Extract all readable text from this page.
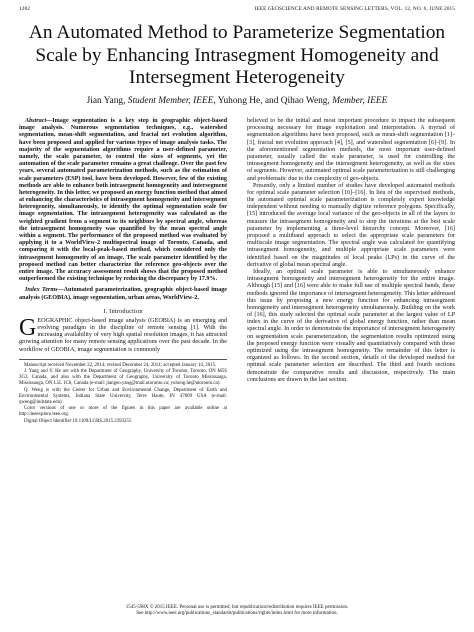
1282	IEEE GEOSCIENCE AND REMOTE SENSING LETTERS, VOL. 12, NO. 6, JUNE 2015
An Automated Method to Parameterize Segmentation Scale by Enhancing Intrasegment Homogeneity and Intersegment Heterogeneity
Jian Yang, Student Member, IEEE, Yuhong He, and Qihao Weng, Member, IEEE

Abstract—Image segmentation is a key step in geographic object-based image analysis. Numerous segmentation techniques, e.g., watershed segmentation, mean-shift segmentation, and fractal net evolution algorithm, have been proposed and applied for various types of image analysis tasks. The majority of the segmentation algorithms require a user-defined parameter, namely, the scale parameter, to control the sizes of segments, yet the automation of the scale parameter remains a great challenge. Over the past few years, several automated parameterization methods, such as the estimation of scale parameters (ESP) tool, have been developed. However, few of the existing methods are able to enhance both intrasegment homogeneity and intersegment heterogeneity. In this letter, we proposed an energy function method that aimed at enhancing the characteristics of intrasegment homogeneity and intersegment heterogeneity, simultaneously, to identify the optimal segmentation scale for image segmentation. The intrasegment heterogeneity was calculated as the weighted gradient from a segment to its neighbors by spectral angle, whereas the intrasegment homogeneity was quantified by the mean spectral angle within a segment. The performance of the proposed method was evaluated by applying it to a WorldView-2 multispectral image of Toronto, Canada, and comparing it with the local-peak-based method, which considered only the intrasegment homogeneity of an image. The scale parameter identified by the proposed method can better characterize the reference geo-objects over the entire image. The accuracy assessment result shows that the proposed method outperformed the existing technique by reducing the discrepancy by 17.9%.

Index Terms—Automated parameterization, geographic object-based image analysis (GEOBIA), image segmentation, urban areas, WorldView-2.

I. Introduction

GEOGRAPHIC object-based image analysis (GEOBIA) is an emerging and evolving paradigm in the discipline of remote sensing [1]. With the increasing availability of very high spatial resolution images, it has attracted growing attention for many remote sensing applications over the past decade. In the workflow of GEOBIA, image segmentation is commonly

Manuscript received November 22, 2014; revised December 24, 2014; accepted January 14, 2015.

J. Yang and Y. He are with the Department of Geography, University of Toronto, Toronto, ON M5S 3G3, Canada, and also with the Department of Geography, University of Toronto Mississauga, Mississauga, ON L5L 1C6, Canada (e-mail: jiangeo.yang@mail.utoronto.ca; yuhong.he@utoronto.ca).

Q. Weng is with the Center for Urban and Environmental Change, Department of Earth and Environmental Systems, Indiana State University, Terre Haute, IN 47809 USA (e-mail: qweng@indstate.edu).

Color versions of one or more of the figures in this paper are available online at http://ieeexplore.ieee.org.

Digital Object Identifier 10.1109/LGRS.2015.2393255

believed to be the initial and most important procedure to impact the subsequent processing necessary for image exploitation and interpretation. A myriad of segmentation algorithms have been proposed, such as mean-shift segmentation [1]–[3], fractal net evolution approach [4], [5], and watershed segmentation [6]–[9]. In the aforementioned segmentation methods, the most important user-defined parameter, usually called the scale parameter, is used for controlling the intrasegment homogeneity and the intersegment heterogeneity, as well as the sizes of segments. However, automated optimal scale parameterization is still challenging and problematic due to the complexity of geo-objects.

Presently, only a limited number of studies have developed automated methods for optimal scale parameter selection [10]–[16]. In lieu of the supervised methods, the automated optimal scale parameterization is completely expert knowledge independent without needing to manually digitize reference polygons. Specifically, [15] introduced the average local variance of the geo-objects in all of the layers to measure the intrasegment homogeneity and to stop the iterations at the best scale parameter by implementing a three-level hierarchy concept. Moreover, [16] proposed a multiband approach to select the appropriate scale parameters for multiscale image segmentation. The spectral angle was calculated for quantifying intrasegment homogeneity, and multiple appropriate scale parameters were identified based on the magnitudes of local peaks (LPs) in the curve of the derivative of global mean spectral angle.

Ideally, an optimal scale parameter is able to simultaneously enhance intrasegment homogeneity and intersegment heterogeneity for the entire image. Although [15] and [16] were able to make full use of multiple spectral bands, these methods ignored the importance of intersegment heterogeneity. This letter addressed this issue by proposing a new energy function for enhancing intrasegment homogeneity and intersegment heterogeneity simultaneously. Building on the work of [16], this study selected the optimal scale parameter at the largest value of LP index in the curve of the derivative of global energy function, rather than mean spectral angle. In order to demonstrate the importance of intersegment heterogeneity on segmentation scale parameterization, the segmentation results optimized using the proposed energy function were visually and quantitatively compared with those optimized using the intrasegment homogeneity. The remainder of this letter is organized as follows. In the second section, details of the developed method for optimal scale parameter selection are described. The third and fourth sections demonstrate the comparative results and discussion, respectively. The main conclusions are drawn in the last section.

1545-598X © 2015 IEEE. Personal use is permitted, but republication/redistribution requires IEEE permission.
See http://www.ieee.org/publications_standards/publications/rights/index.html for more information.
